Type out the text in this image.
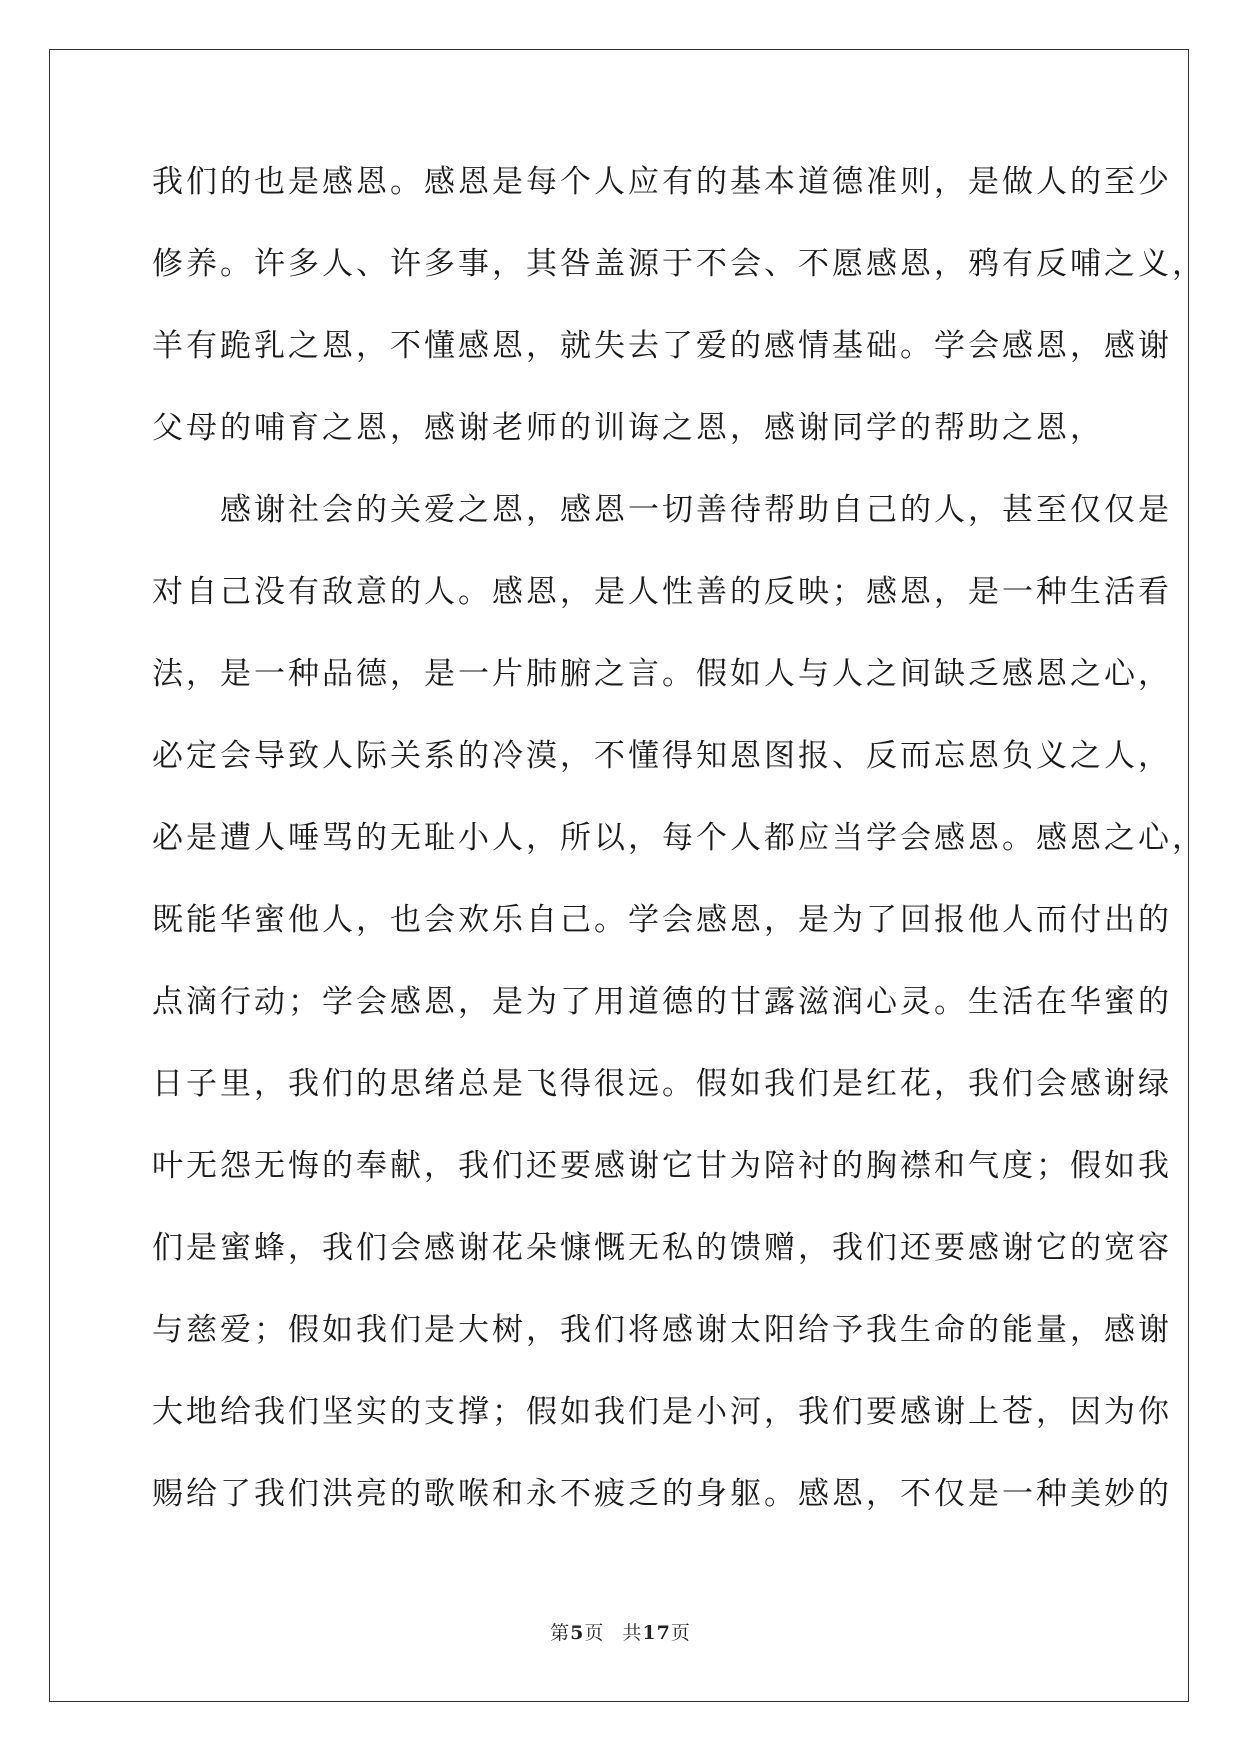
我们的也是感恩。感恩是每个人应有的基本道德准则，是做人的至少
修养。许多人、许多事，其咎盖源于不会、不愿感恩，鸦有反哺之义，
羊有跪乳之恩，不懂感恩，就失去了爱的感情基础。学会感恩，感谢
父母的哺育之恩，感谢老师的训诲之恩，感谢同学的帮助之恩，
　　感谢社会的关爱之恩，感恩一切善待帮助自己的人，甚至仅仅是
对自己没有敌意的人。感恩，是人性善的反映；感恩，是一种生活看
法，是一种品德，是一片肺腑之言。假如人与人之间缺乏感恩之心，
必定会导致人际关系的冷漠，不懂得知恩图报、反而忘恩负义之人，
必是遭人唾骂的无耻小人，所以，每个人都应当学会感恩。感恩之心，
既能华蜜他人，也会欢乐自己。学会感恩，是为了回报他人而付出的
点滴行动；学会感恩，是为了用道德的甘露滋润心灵。生活在华蜜的
日子里，我们的思绪总是飞得很远。假如我们是红花，我们会感谢绿
叶无怨无悔的奉献，我们还要感谢它甘为陪衬的胸襟和气度；假如我
们是蜜蜂，我们会感谢花朵慷慨无私的馈赠，我们还要感谢它的宽容
与慈爱；假如我们是大树，我们将感谢太阳给予我生命的能量，感谢
大地给我们坚实的支撑；假如我们是小河，我们要感谢上苍，因为你
赐给了我们洪亮的歌喉和永不疲乏的身躯。感恩，不仅是一种美妙的
第5页 共17页
